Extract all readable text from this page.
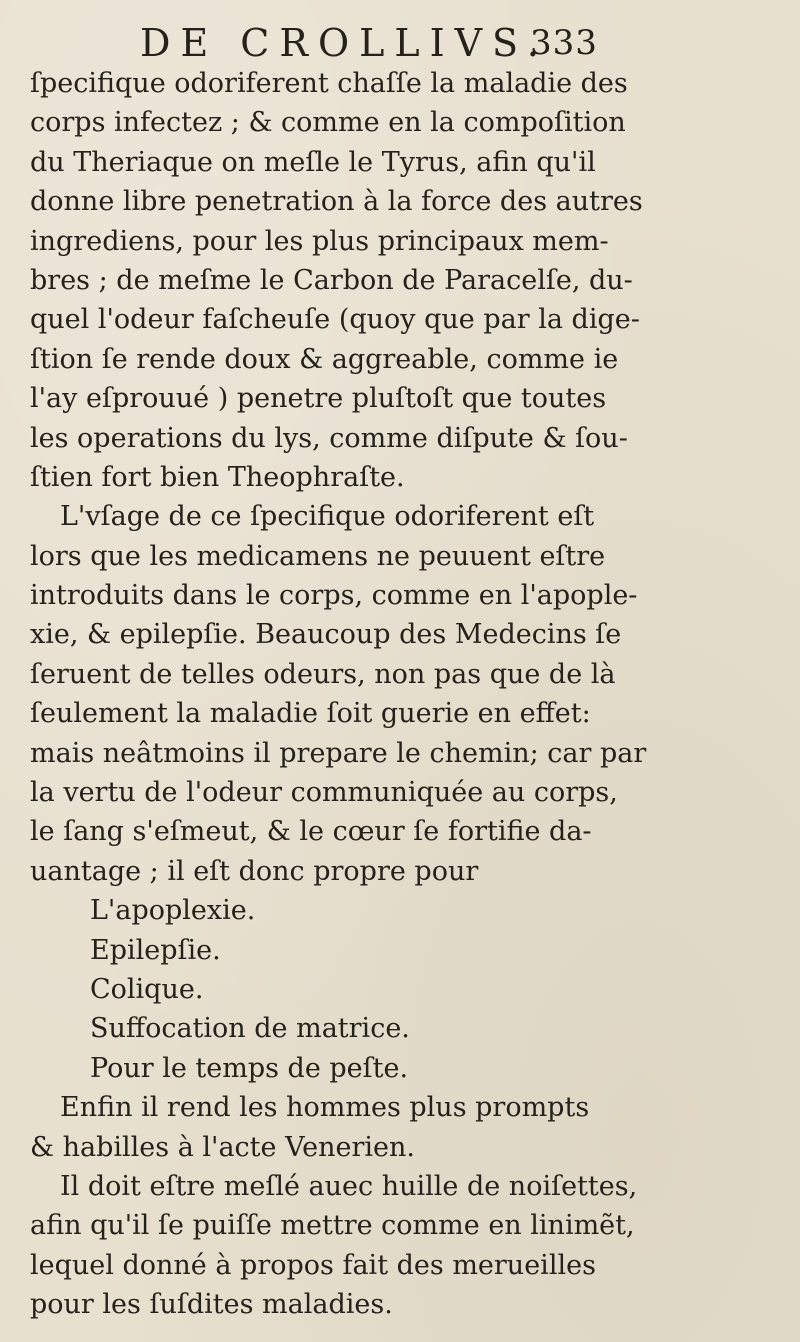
DE CROLLIVS.
333
ſpecifique odoriferent chaſſe la maladie des
corps infectez ; & comme en la compoſition
du Theriaque on meſle le Tyrus, afin qu'il
donne libre penetration à la force des autres
ingrediens, pour les plus principaux mem-
bres ; de meſme le Carbon de Paracelſe, du-
quel l'odeur faſcheuſe (quoy que par la dige-
ſtion ſe rende doux & aggreable, comme ie
l'ay eſprouué ) penetre pluſtoſt que toutes
les operations du lys, comme diſpute & ſou-
ſtien fort bien Theophraſte.
L'vſage de ce ſpecifique odoriferent eſt
lors que les medicamens ne peuuent eſtre
introduits dans le corps, comme en l'apople-
xie, & epilepſie. Beaucoup des Medecins ſe
ſeruent de telles odeurs, non pas que de là
ſeulement la maladie ſoit guerie en effet:
mais neâtmoins il prepare le chemin; car par
la vertu de l'odeur communiquée au corps,
le ſang s'eſmeut, & le cœur ſe fortifie da-
uantage ; il eſt donc propre pour
L'apoplexie.
Epilepſie.
Colique.
Suffocation de matrice.
Pour le temps de peſte.
Enfin il rend les hommes plus prompts
& habilles à l'acte Venerien.
Il doit eſtre meſlé auec huille de noiſettes,
afin qu'il ſe puiſſe mettre comme en linimẽt,
lequel donné à propos fait des merueilles
pour les ſuſdites maladies.
